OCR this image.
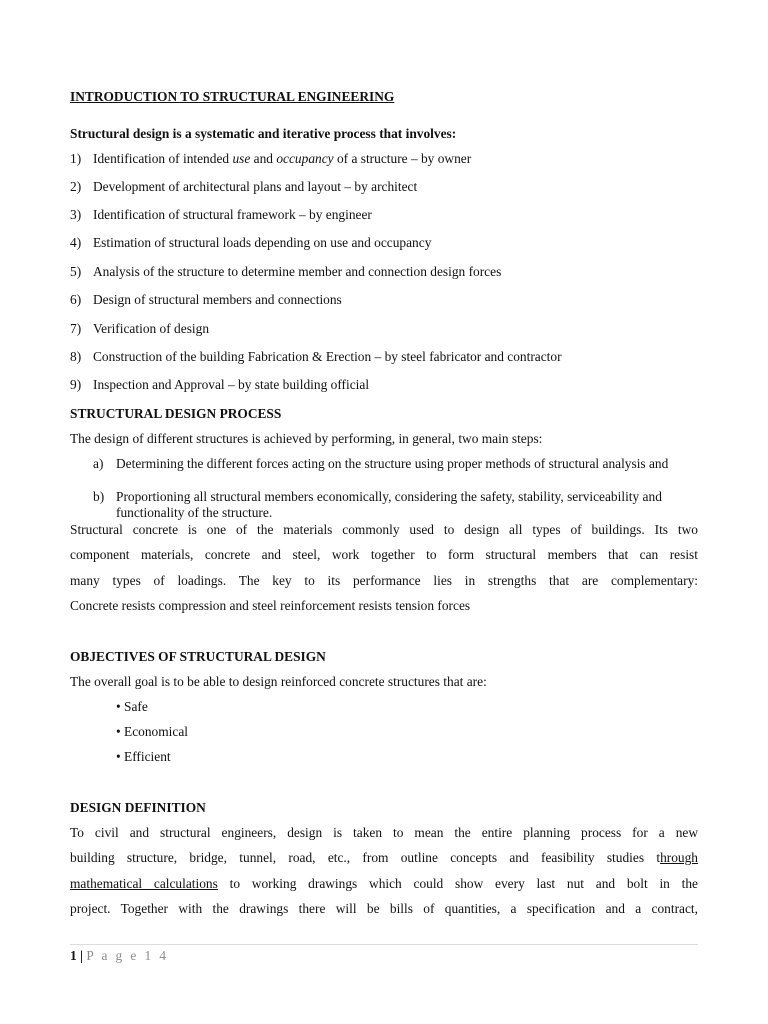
INTRODUCTION TO STRUCTURAL ENGINEERING
Structural design is a systematic and iterative process that involves:
1) Identification of intended use and occupancy of a structure – by owner
2) Development of architectural plans and layout – by architect
3) Identification of structural framework – by engineer
4) Estimation of structural loads depending on use and occupancy
5) Analysis of the structure to determine member and connection design forces
6) Design of structural members and connections
7) Verification of design
8) Construction of the building Fabrication & Erection – by steel fabricator and contractor
9) Inspection and Approval – by state building official
STRUCTURAL DESIGN PROCESS
The design of different structures is achieved by performing, in general, two main steps:
a) Determining the different forces acting on the structure using proper methods of structural analysis and
b) Proportioning all structural members economically, considering the safety, stability, serviceability and functionality of the structure.
Structural concrete is one of the materials commonly used to design all types of buildings. Its two
component materials, concrete and steel, work together to form structural members that can resist
many types of loadings. The key to its performance lies in strengths that are complementary:
Concrete resists compression and steel reinforcement resists tension forces
OBJECTIVES OF STRUCTURAL DESIGN
The overall goal is to be able to design reinforced concrete structures that are:
• Safe
• Economical
• Efficient
DESIGN DEFINITION
To civil and structural engineers, design is taken to mean the entire planning process for a new
building structure, bridge, tunnel, road, etc., from outline concepts and feasibility studies through
mathematical calculations to working drawings which could show every last nut and bolt in the
project. Together with the drawings there will be bills of quantities, a specification and a contract,
1 | P a g e 1 4
